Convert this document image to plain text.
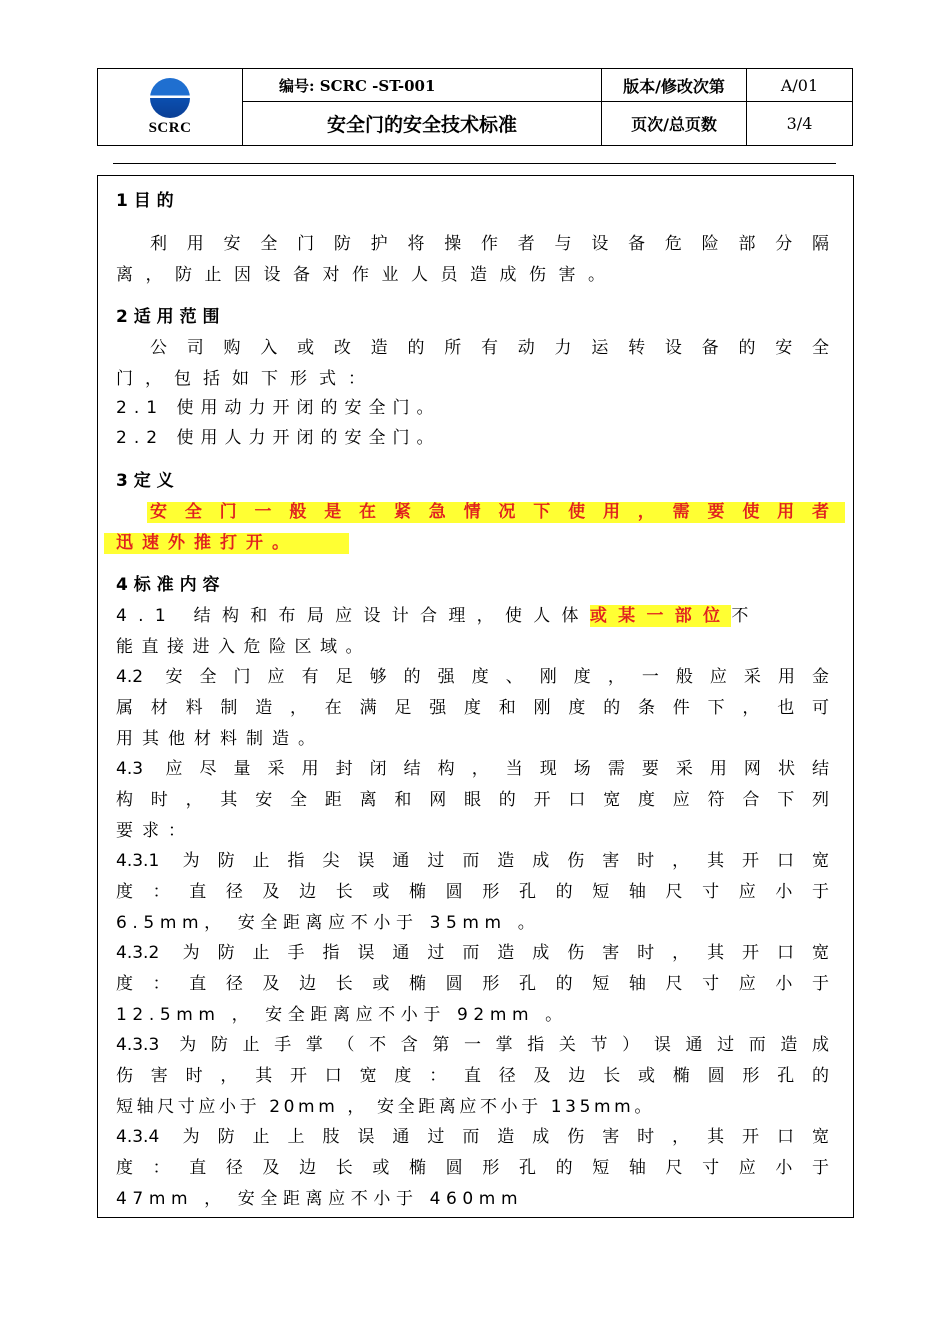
SCRC
编号: SCRC -ST-001
安全门的安全技术标准
版本/修改次第	A/01
页次/总页数	3/4
1 目 的
利用安全门防护将操作者与设备危险部分隔
离，防止因设备对作业人员造成伤害。
2 适 用 范 围
公司购入或改造的所有动力运转设备的安全
门，包括如下形式：
2.1 使用动力开闭的安全门。
2.2 使用人力开闭的安全门。
3 定 义
安全门一般是在紧急情况下使用，需要使用者
迅速外推打开。
4 标 准 内 容
4.1 结构和布局应设计合理，使人体或某一部位不
能直接进入危险区域。
4.2 安全门应有足够的强度、刚度，一般应采用金
属材料制造，在满足强度和刚度的条件下，也可
用其他材料制造。
4.3 应尽量采用封闭结构，当现场需要采用网状结
构时，其安全距离和网眼的开口宽度应符合下列
要求：
4.3.1 为防止指尖误通过而造成伤害时，其开口宽
度：直径及边长或椭圆形孔的短轴尺寸应小于
6.5mm， 安全距离应不小于 35mm 。
4.3.2 为防止手指误通过而造成伤害时，其开口宽
度：直径及边长或椭圆形孔的短轴尺寸应小于
12.5mm ， 安全距离应不小于 92mm 。
4.3.3 为防止手掌（不含第一掌指关节）误通过而造成
伤害时，其开口宽度：直径及边长或椭圆形孔的
短轴尺寸应小于 20mm ， 安全距离应不小于 135mm。
4.3.4 为防止上肢误通过而造成伤害时，其开口宽
度：直径及边长或椭圆形孔的短轴尺寸应小于
47mm ， 安全距离应不小于 460mm
